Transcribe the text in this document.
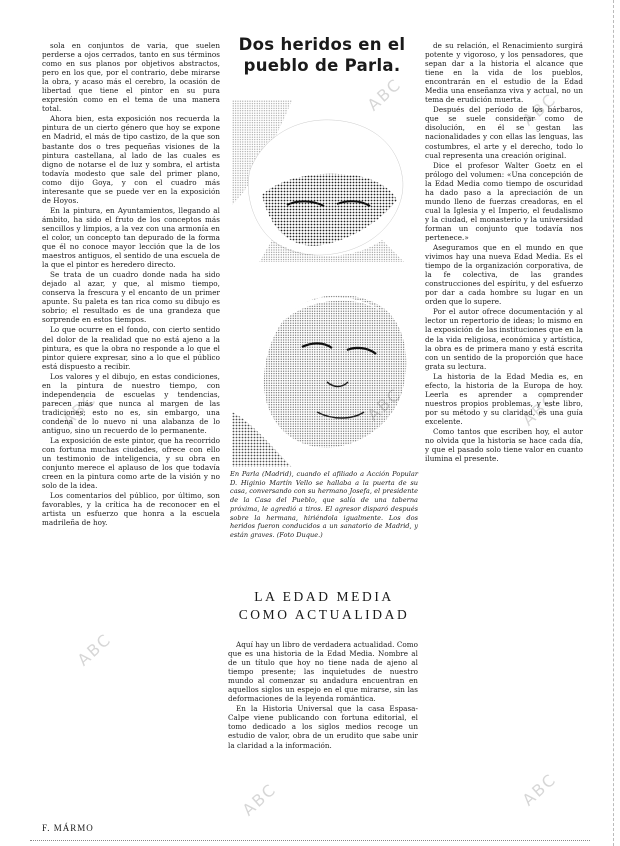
sola en conjuntos de varia, que suelen perderse a ojos cerrados, tanto en sus términos como en sus planos por objetivos abstractos, pero en los que, por el contrario, debe mirarse la obra, y acaso más el cerebro, la ocasión de libertad que tiene el pintor en su pura expresión como en el tema de una manera total.

Ahora bien, esta exposición nos recuerda la pintura de un cierto género que hoy se expone en Madrid, el más de tipo castizo, de la que son bastante dos o tres pequeñas visiones de la pintura castellana, al lado de las cuales es digno de notarse el de luz y sombra, el artista todavía modesto que sale del primer plano, como dijo Goya, y con el cuadro más interesante que se puede ver en la exposición de Hoyos.

En la pintura, en Ayuntamientos, llegando al ámbito, ha sido el fruto de los conceptos más sencillos y limpios, a la vez con una armonía en el color, un concepto tan depurado de la forma que él no conoce mayor lección que la de los maestros antiguos, el sentido de una escuela de la que el pintor es heredero directo.

Se trata de un cuadro donde nada ha sido dejado al azar, y que, al mismo tiempo, conserva la frescura y el encanto de un primer apunte. Su paleta es tan rica como su dibujo es sobrio; el resultado es de una grandeza que sorprende en estos tiempos.

Lo que ocurre en el fondo, con cierto sentido del dolor de la realidad que no está ajeno a la pintura, es que la obra no responde a lo que el pintor quiere expresar, sino a lo que el público está dispuesto a recibir.

Los valores y el dibujo, en estas condiciones, en la pintura de nuestro tiempo, con independencia de escuelas y tendencias, parecen más que nunca al margen de las tradiciones; esto no es, sin embargo, una condena de lo nuevo ni una alabanza de lo antiguo, sino un recuerdo de lo permanente.

La exposición de este pintor, que ha recorrido con fortuna muchas ciudades, ofrece con ello un testimonio de inteligencia, y su obra en conjunto merece el aplauso de los que todavía creen en la pintura como arte de la visión y no solo de la idea.

Los comentarios del público, por último, son favorables, y la crítica ha de reconocer en el artista un esfuerzo que honra a la escuela madrileña de hoy.

F. MÁRMO
Dos heridos en el pueblo de Parla.
En Parla (Madrid), cuando el afiliado a Acción Popular D. Higinio Martín Vello se hallaba a la puerta de su casa, conversando con su hermano Josefa, el presidente de la Casa del Pueblo, que salía de una taberna próxima, le agredió a tiros. El agresor disparó después sobre la hermana, hiriéndola igualmente. Los dos heridos fueron conducidos a un sanatorio de Madrid, y están graves. (Foto Duque.)
LA EDAD MEDIA
COMO ACTUALIDAD

Aquí hay un libro de verdadera actualidad. Como que es una historia de la Edad Media. Nombre al de un título que hoy no tiene nada de ajeno al tiempo presente; las inquietudes de nuestro mundo al comenzar su andadura encuentran en aquellos siglos un espejo en el que mirarse, sin las deformaciones de la leyenda romántica.

En la Historia Universal que la casa Espasa-Calpe viene publicando con fortuna editorial, el tomo dedicado a los siglos medios recoge un estudio de valor, obra de un erudito que sabe unir la claridad a la información.

de su relación, el Renacimiento surgirá potente y vigoroso, y los pensadores, que sepan dar a la historia el alcance que tiene en la vida de los pueblos, encontrarán en el estudio de la Edad Media una enseñanza viva y actual, no un tema de erudición muerta.

Después del período de los bárbaros, que se suele considerar como de disolución, en él se gestan las nacionalidades y con ellas las lenguas, las costumbres, el arte y el derecho, todo lo cual representa una creación original.

Dice el profesor Walter Goetz en el prólogo del volumen: «Una concepción de la Edad Media como tiempo de oscuridad ha dado paso a la apreciación de un mundo lleno de fuerzas creadoras, en el cual la Iglesia y el Imperio, el feudalismo y la ciudad, el monasterio y la universidad forman un conjunto que todavía nos pertenece.»

Aseguramos que en el mundo en que vivimos hay una nueva Edad Media. Es el tiempo de la organización corporativa, de la fe colectiva, de las grandes construcciones del espíritu, y del esfuerzo por dar a cada hombre su lugar en un orden que lo supere.

Por el autor ofrece documentación y al lector un repertorio de ideas; lo mismo en la exposición de las instituciones que en la de la vida religiosa, económica y artística, la obra es de primera mano y está escrita con un sentido de la proporción que hace grata su lectura.

La historia de la Edad Media es, en efecto, la historia de la Europa de hoy. Leerla es aprender a comprender nuestros propios problemas, y este libro, por su método y su claridad, es una guía excelente.

Como tantos que escriben hoy, el autor no olvida que la historia se hace cada día, y que el pasado solo tiene valor en cuanto ilumina el presente.

ABC
ABC
ABC
ABC
ABC
ABC
ABC	ABC
